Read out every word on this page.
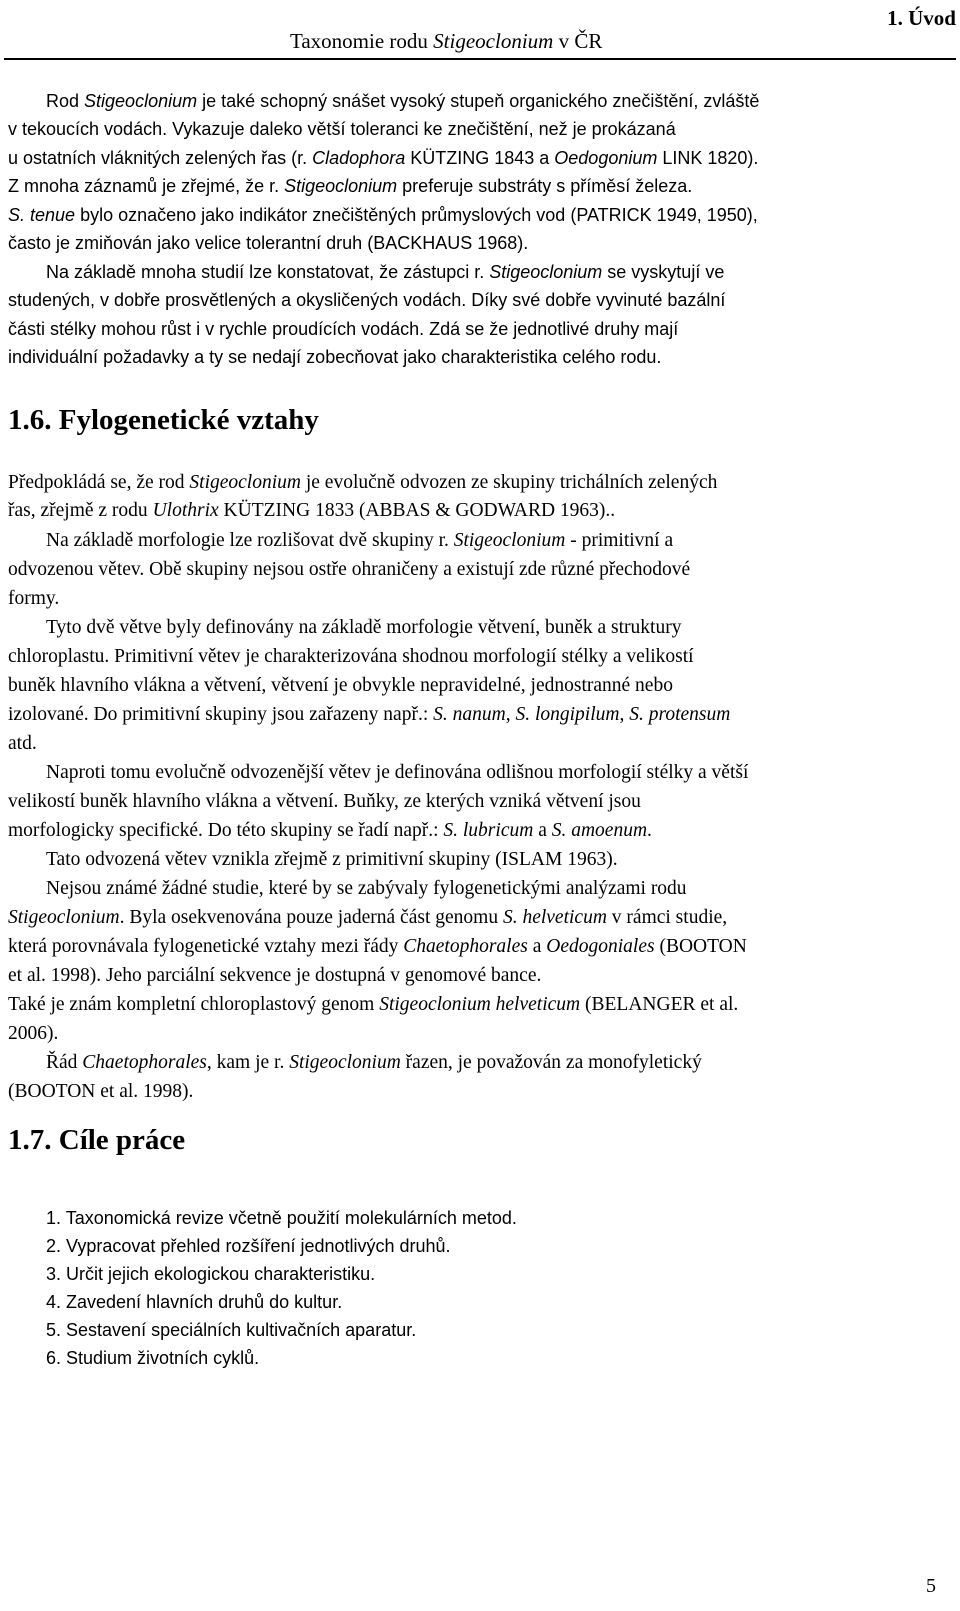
Taxonomie rodu Stigeoclonium v ČR
1. Úvod
Rod Stigeoclonium je také schopný snášet vysoký stupeň organického znečištění, zvláště
v tekoucích vodách. Vykazuje daleko větší toleranci ke znečištění, než je prokázaná
u ostatních vláknitých zelených řas (r. Cladophora KÜTZING 1843 a Oedogonium LINK 1820).
Z mnoha záznamů je zřejmé, že r. Stigeoclonium preferuje substráty s příměsí železa.
S. tenue bylo označeno jako indikátor znečištěných průmyslových vod (PATRICK 1949, 1950),
často je zmiňován jako velice tolerantní druh (BACKHAUS 1968).
Na základě mnoha studií lze konstatovat, že zástupci r. Stigeoclonium se vyskytují ve
studených, v dobře prosvětlených a okysličených vodách. Díky své dobře vyvinuté bazální
části stélky mohou růst i v rychle proudících vodách. Zdá se že jednotlivé druhy mají
individuální požadavky a ty se nedají zobecňovat jako charakteristika celého rodu.
1.6. Fylogenetické vztahy
Předpokládá se, že rod Stigeoclonium je evolučně odvozen ze skupiny trichálních zelených
řas, zřejmě z rodu Ulothrix KÜTZING 1833 (ABBAS & GODWARD 1963)..
Na základě morfologie lze rozlišovat dvě skupiny r. Stigeoclonium - primitivní a
odvozenou větev. Obě skupiny nejsou ostře ohraničeny a existují zde různé přechodové
formy.
Tyto dvě větve byly definovány na základě morfologie větvení, buněk a struktury
chloroplastu. Primitivní větev je charakterizována shodnou morfologií stélky a velikostí
buněk hlavního vlákna a větvení, větvení je obvykle nepravidelné, jednostranné nebo
izolované. Do primitivní skupiny jsou zařazeny např.: S. nanum, S. longipilum, S. protensum
atd.
Naproti tomu evolučně odvozenější větev je definována odlišnou morfologií stélky a větší
velikostí buněk hlavního vlákna a větvení. Buňky, ze kterých vzniká větvení jsou
morfologicky specifické. Do této skupiny se řadí např.: S. lubricum a S. amoenum.
Tato odvozená větev vznikla zřejmě z primitivní skupiny (ISLAM 1963).
Nejsou známé žádné studie, které by se zabývaly fylogenetickými analýzami rodu
Stigeoclonium. Byla osekvenována pouze jaderná část genomu S. helveticum v rámci studie,
která porovnávala fylogenetické vztahy mezi řády Chaetophorales a Oedogoniales (BOOTON
et al. 1998). Jeho parciální sekvence je dostupná v genomové bance.
Také je znám kompletní chloroplastový genom Stigeoclonium helveticum (BELANGER et al.
2006).
Řád Chaetophorales, kam je r. Stigeoclonium řazen, je považován za monofyletický
(BOOTON et al. 1998).
1.7. Cíle práce
1. Taxonomická revize včetně použití molekulárních metod.
2. Vypracovat přehled rozšíření jednotlivých druhů.
3. Určit jejich ekologickou charakteristiku.
4. Zavedení hlavních druhů do kultur.
5. Sestavení speciálních kultivačních aparatur.
6. Studium životních cyklů.
5
